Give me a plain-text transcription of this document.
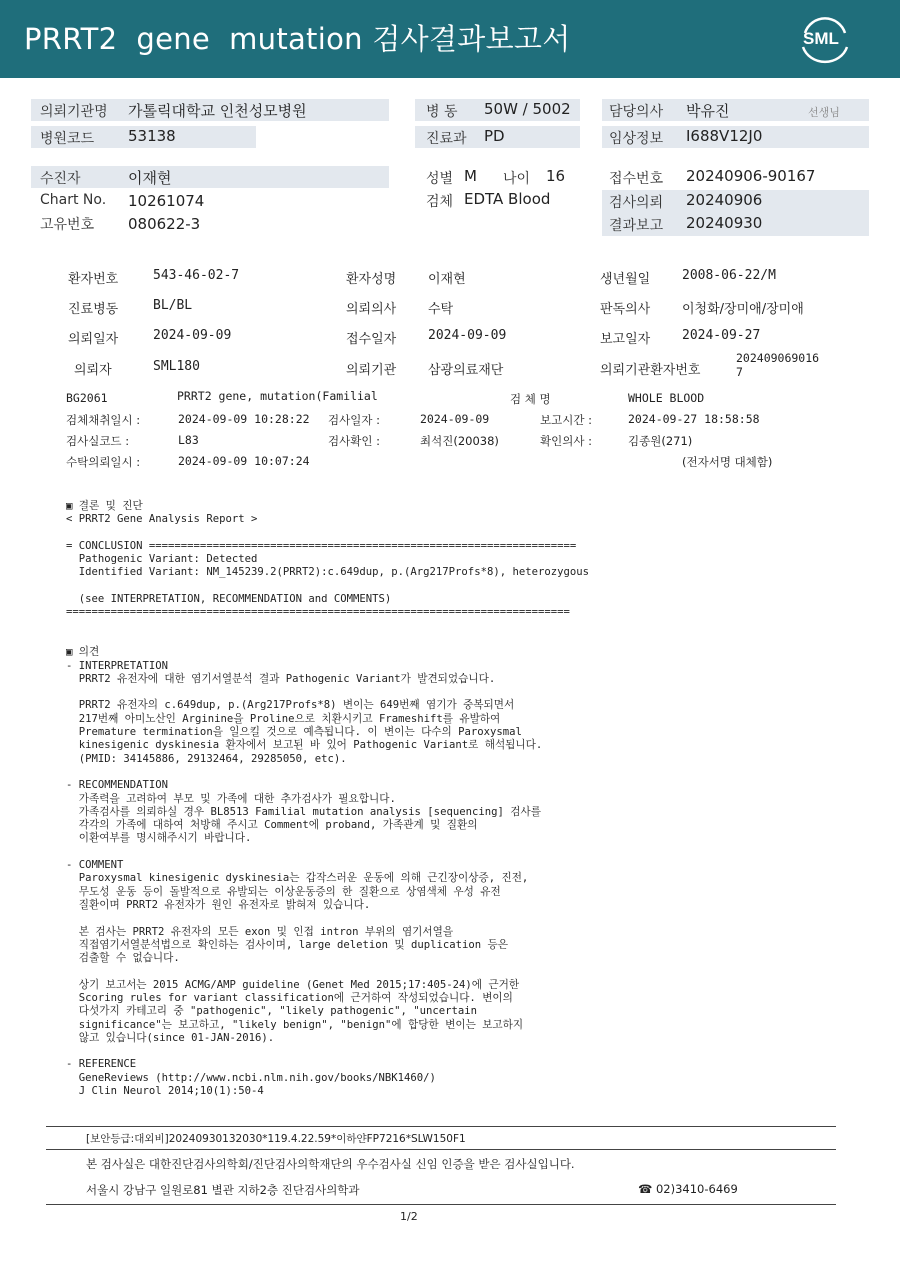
PRRT2  gene  mutation 검사결과보고서	SML
의뢰기관명 가톨릭대학교 인천성모병원
병원코드 53138
병 동 50W / 5002
진료과 PD
담당의사 박유진	선생님
임상정보 I688V12J0
수진자	이재현
Chart No. 10261074
고유번호 080622-3
성별 M 나이 16
검체 EDTA Blood
접수번호 20240906-90167
검사의뢰 20240906
결과보고 20240930
환자번호	543-46-02-7	환자성명 이재현	생년월일 2008-06-22/M
진료병동	BL/BL	의뢰의사 수탁	판독의사 이청화/장미애/장미애
의뢰일자	2024-09-09	접수일자 2024-09-09	보고일자 2024-09-27
의뢰자	SML180	의뢰기관 삼광의료재단	의뢰기관환자번호
202409069016
7
BG2061	PRRT2 gene, mutation(Familial	검 체 명	WHOLE BLOOD
검체채취일시 :	2024-09-09 10:28:22 검사일자 :	2024-09-09	보고시간 :	2024-09-27 18:58:58
검사실코드 :	L83	검사확인 :	최석진(20038)	확인의사 :	김종원(271)
수탁의뢰일시 :	2024-09-09 10:07:24	(전자서명 대체함)
▣ 결론 및 진단
< PRRT2 Gene Analysis Report >

= CONCLUSION ===================================================================
Pathogenic Variant: Detected
Identified Variant: NM_145239.2(PRRT2):c.649dup, p.(Arg217Profs*8), heterozygous

(see INTERPRETATION, RECOMMENDATION and COMMENTS)
===============================================================================

▣ 의견
- INTERPRETATION
PRRT2 유전자에 대한 염기서열분석 결과 Pathogenic Variant가 발견되었습니다.

PRRT2 유전자의 c.649dup, p.(Arg217Profs*8) 변이는 649번째 염기가 중복되면서
217번째 아미노산인 Arginine을 Proline으로 치환시키고 Frameshift를 유발하여
Premature termination을 일으킬 것으로 예측됩니다. 이 변이는 다수의 Paroxysmal
kinesigenic dyskinesia 환자에서 보고된 바 있어 Pathogenic Variant로 해석됩니다.
(PMID: 34145886, 29132464, 29285050, etc).

- RECOMMENDATION
가족력을 고려하여 부모 및 가족에 대한 추가검사가 필요합니다.
가족검사를 의뢰하실 경우 BL8513 Familial mutation analysis [sequencing] 검사를
각각의 가족에 대하여 처방해 주시고 Comment에 proband, 가족관계 및 질환의
이환여부를 명시해주시기 바랍니다.

- COMMENT
Paroxysmal kinesigenic dyskinesia는 갑작스러운 운동에 의해 근긴장이상증, 진전,
무도성 운동 등이 돌발적으로 유발되는 이상운동증의 한 질환으로 상염색체 우성 유전
질환이며 PRRT2 유전자가 원인 유전자로 밝혀져 있습니다.

본 검사는 PRRT2 유전자의 모든 exon 및 인접 intron 부위의 염기서열을
직접염기서열분석법으로 확인하는 검사이며, large deletion 및 duplication 등은
검출할 수 없습니다.

상기 보고서는 2015 ACMG/AMP guideline (Genet Med 2015;17:405-24)에 근거한
Scoring rules for variant classification에 근거하여 작성되었습니다. 변이의
다섯가지 카테고리 중 "pathogenic", "likely pathogenic", "uncertain
significance"는 보고하고, "likely benign", "benign"에 합당한 변이는 보고하지
않고 있습니다(since 01-JAN-2016).

- REFERENCE
GeneReviews (http://www.ncbi.nlm.nih.gov/books/NBK1460/)
J Clin Neurol 2014;10(1):50-4
[보안등급:대외비]20240930132030*119.4.22.59*이하얀FP7216*SLW150F1
본 검사실은 대한진단검사의학회/진단검사의학재단의 우수검사실 신임 인증을 받은 검사실입니다.
서울시 강남구 일원로81 별관 지하2층 진단검사의학과	☎ 02)3410-6469
1/2
